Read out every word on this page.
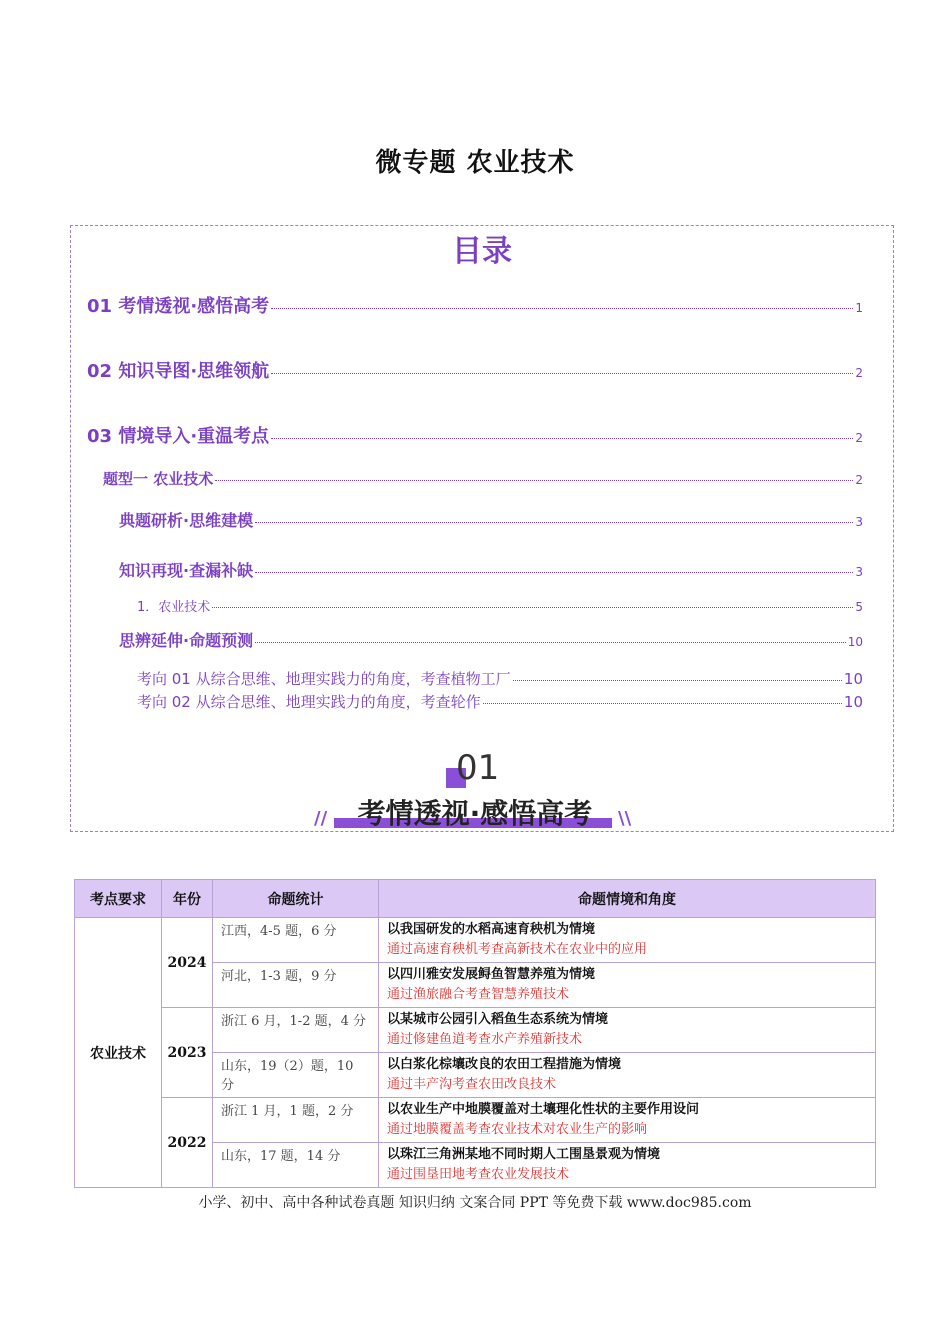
微专题 农业技术
目录
01 考情透视·感悟高考	1
02 知识导图·思维领航	2
03 情境导入·重温考点	2
题型一 农业技术	2
典题研析·思维建模	3
知识再现·查漏补缺	3
1．农业技术	5
思辨延伸·命题预测	10
考向 01 从综合思维、地理实践力的角度，考查植物工厂	10
考向 02 从综合思维、地理实践力的角度，考查轮作	10
01
考情透视·感悟高考
//	\\
考点要求	年份	命题统计	命题情境和角度
农业技术	2024	江西，4-5 题，6 分	以我国研发的水稻高速育秧机为情境
通过高速育秧机考查高新技术在农业中的应用

		河北，1-3 题，9 分	以四川雅安发展鲟鱼智慧养殖为情境
通过渔旅融合考查智慧养殖技术

	2023	浙江 6 月，1-2 题，4 分	以某城市公园引入稻鱼生态系统为情境
通过修建鱼道考查水产养殖新技术

		山东，19（2）题，10 分	以白浆化棕壤改良的农田工程措施为情境
通过丰产沟考查农田改良技术

	2022	浙江 1 月，1 题，2 分	以农业生产中地膜覆盖对土壤理化性状的主要作用设问
通过地膜覆盖考查农业技术对农业生产的影响

		山东，17 题，14 分	以珠江三角洲某地不同时期人工围垦景观为情境
通过围垦田地考查农业发展技术
小学、初中、高中各种试卷真题 知识归纳 文案合同 PPT 等免费下载 www.doc985.com
